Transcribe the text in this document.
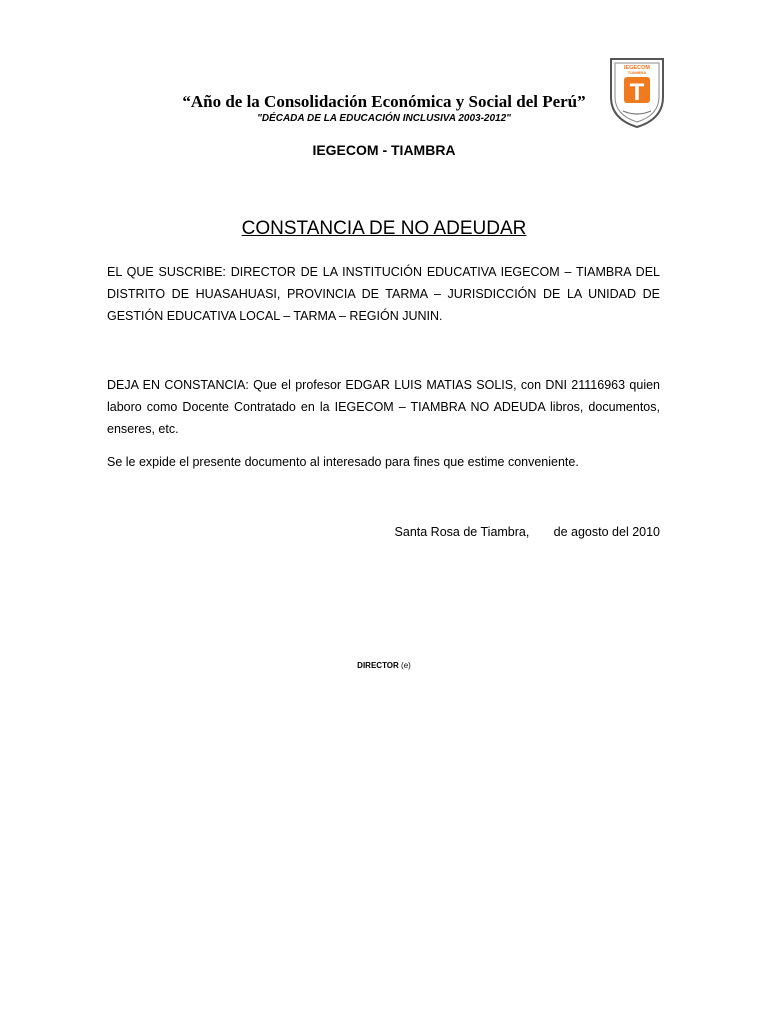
“Año de la Consolidación Económica y Social del Perú”
"DÉCADA DE LA EDUCACIÓN INCLUSIVA 2003-2012"
IEGECOM
TIAMBRA
T
IEGECOM - TIAMBRA
CONSTANCIA DE NO ADEUDAR
EL QUE SUSCRIBE: DIRECTOR DE LA INSTITUCIÓN EDUCATIVA IEGECOM – TIAMBRA DEL DISTRITO DE HUASAHUASI, PROVINCIA DE TARMA – JURISDICCIÓN DE LA UNIDAD DE GESTIÓN EDUCATIVA LOCAL – TARMA – REGIÓN JUNIN.
DEJA EN CONSTANCIA: Que el profesor EDGAR LUIS MATIAS SOLIS, con DNI 21116963 quien laboro como Docente Contratado en la IEGECOM – TIAMBRA NO ADEUDA libros, documentos, enseres, etc.
Se le expide el presente documento al interesado para fines que estime conveniente.
Santa Rosa de Tiambra, de agosto del 2010
DIRECTOR (e)
